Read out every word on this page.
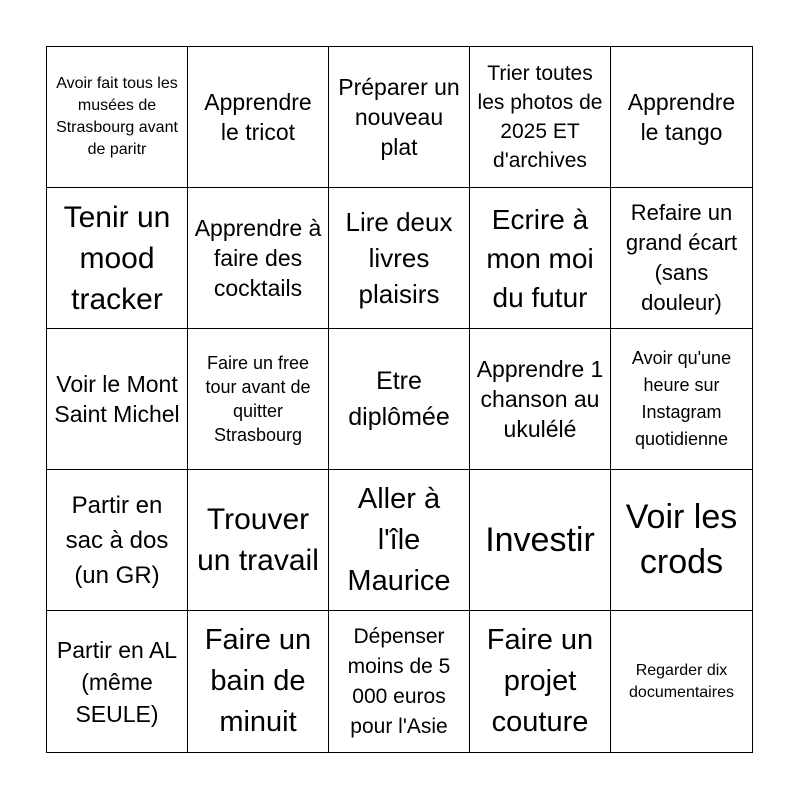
Avoir fait tous les musées de Strasbourg avant de paritr
Apprendre le tricot
Préparer un nouveau plat
Trier toutes les photos de 2025 ET d'archives
Apprendre le tango
Tenir un mood tracker
Apprendre à faire des cocktails
Lire deux livres plaisirs
Ecrire à mon moi du futur
Refaire un grand écart (sans douleur)
Voir le Mont Saint Michel
Faire un free tour avant de quitter Strasbourg
Etre diplômée
Apprendre 1 chanson au ukulélé
Avoir qu'une heure sur Instagram quotidienne
Partir en sac à dos (un GR)
Trouver un travail
Aller à l'île Maurice
Investir
Voir les crods
Partir en AL (même SEULE)
Faire un bain de minuit
Dépenser moins de 5 000 euros pour l'Asie
Faire un projet couture
Regarder dix documentaires
